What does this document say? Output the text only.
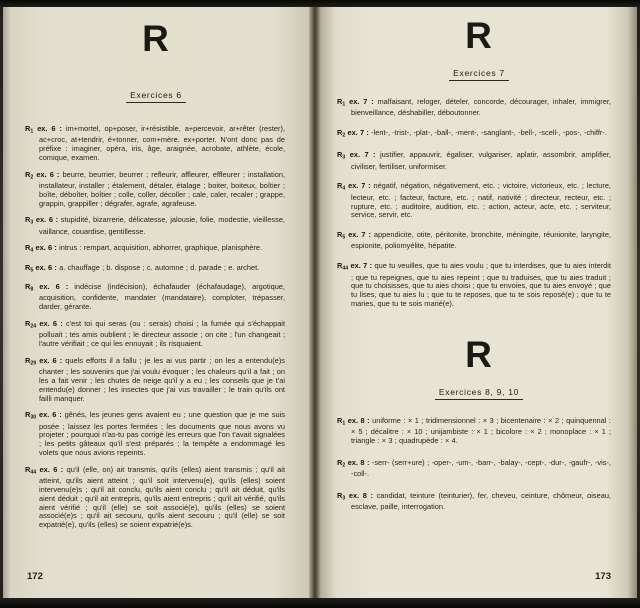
R
Exercices 6

$R_1$ ex. 6 : im+mortel, op+poser, ir+résistible, a+percevoir, ar+rêter (rester), ac+croc, at+tendrir, é+tonner, com+mère, ex+porter. N'ont donc pas de préfixe : imaginer, opéra, iris, âge, araignée, acrobate, athlète, école, comique, examen.

$R_2$ ex. 6 : beurre, beurrier, beurrer ; refleurir, affleurer, effleurer ; installation, installateur, installer ; étalement, détaler, étalage ; boiter, boiteux, boîtier ; boîte, déboîter, boîtier ; colle, coller, décoller ; cale, caler, recaler ; grappe, grappin, grappiller ; dégrafer, agrafe, agrafeuse.

$R_3$ ex. 6 : stupidité, bizarrerie, délicatesse, jalousie, folie, modestie, vieillesse, vaillance, couardise, gentillesse.

$R_4$ ex. 6 : intrus : rempart, acquisition, abhorrer, graphique, planisphère.

$R_5$ ex. 6 : a. chauffage ; b. dispose ; c. automne ; d. parade ; e. archet.

$R_8$ ex. 6 : indécise (indécision), échafauder (échafaudage), argotique, acquisition, confidente, mandater (mandataire), comploter, trépasser, darder, gérante.

$R_{24}$ ex. 6 : c'est toi qui seras (ou : serais) choisi ; la fumée qui s'échappait polluait ; tes amis oublient ; le directeur associe ; on cite ; l'un changeait ; l'autre vérifiait ; ce qui les ennuyait ; ils risquaient.

$R_{29}$ ex. 6 : quels efforts il a fallu ; je les ai vus partir ; on les a entendu(e)s chanter ; les souvenirs que j'ai voulu évoquer ; les chaleurs qu'il a fait ; on les a fait venir ; les chutes de neige qu'il y a eu ; les conseils que je t'ai entendu(e) donner ; les insectes que j'ai vus travailler ; le train qu'ils ont failli manquer.

$R_{30}$ ex. 6 : gênés, les jeunes gens avaient eu ; une question que je me suis posée ; laissez les portes fermées ; les documents que nous avons vu projeter ; pourquoi n'as-tu pas corrigé les erreurs que l'on t'avait signalées ; les petits gâteaux qu'il s'est préparés ; la tempête a endommagé les volets que nous avions repeints.

$R_{44}$ ex. 6 : qu'il (elle, on) ait transmis, qu'ils (elles) aient transmis ; qu'il ait atteint, qu'ils aient atteint ; qu'il soit intervenu(e), qu'ils (elles) soient intervenu(e)s ; qu'il ait conclu, qu'ils aient conclu ; qu'il ait déduit, qu'ils aient déduit ; qu'il ait entrepris, qu'ils aient entrepris ; qu'il ait vérifié, qu'ils aient vérifié ; qu'il (elle) se soit associé(e), qu'ils (elles) se soient associé(e)s ; qu'il ait secouru, qu'ils aient secouru ; qu'il (elle) se soit expatrié(e), qu'ils (elles) se soient expatrié(e)s.

172
R
Exercices 7

$R_1$ ex. 7 : malfaisant, reloger, dételer, concorde, décourager, inhaler, immigrer, bienveillance, déshabiller, déboutonner.

$R_2$ ex. 7 : -lent-, -trist-, -plat-, -ball-, -ment-, -sanglant-, -bell-, -scell-, -pos-, -chiffr-.

$R_3$ ex. 7 : justifier, appauvrir, égaliser, vulgariser, aplatir, assombrir, amplifier, civiliser, fertiliser, uniformiser.

$R_4$ ex. 7 : négatif, négation, négativement, etc. ; victoire, victorieux, etc. ; lecture, lecteur, etc. ; facteur, facture, etc. ; natif, nativité ; directeur, recteur, etc. ; rupture, etc. ; auditoire, audition, etc. ; action, acteur, acte, etc. ; serviteur, service, servir, etc.

$R_5$ ex. 7 : appendicite, otite, péritonite, bronchite, méningite, réunionite, laryngite, espionite, poliomyélite, hépatite.

$R_{44}$ ex. 7 : que tu veuilles, que tu aies voulu ; que tu interdises, que tu aies interdit ; que tu repeignes, que tu aies repeint ; que tu traduises, que tu aies traduit ; que tu choisisses, que tu aies choisi ; que tu envoies, que tu aies envoyé ; que tu lises, que tu aies lu ; que tu te reposes, que tu te sois reposé(e) ; que tu te maries, que tu te sois marié(e).

R
Exercices 8, 9, 10

$R_1$ ex. 8 : uniforme : × 1 ; tridimensionnel : × 3 ; bicentenaire : × 2 ; quinquennal : × 5 ; décalitre : × 10 ; unijambiste : × 1 ; bicolore : × 2 ; monoplace : × 1 ; triangle : × 3 ; quadrupède : × 4.

$R_2$ ex. 8 : -serr- (serr+ure) ; -oper-, -um-, -barr-, -balay-, -cept-, -dur-, -gaufr-, -vis-, -coll-.

$R_3$ ex. 8 : candidat, teinture (teinturier), fer, cheveu, ceinture, chômeur, oiseau, esclave, paille, interrogation.

173
